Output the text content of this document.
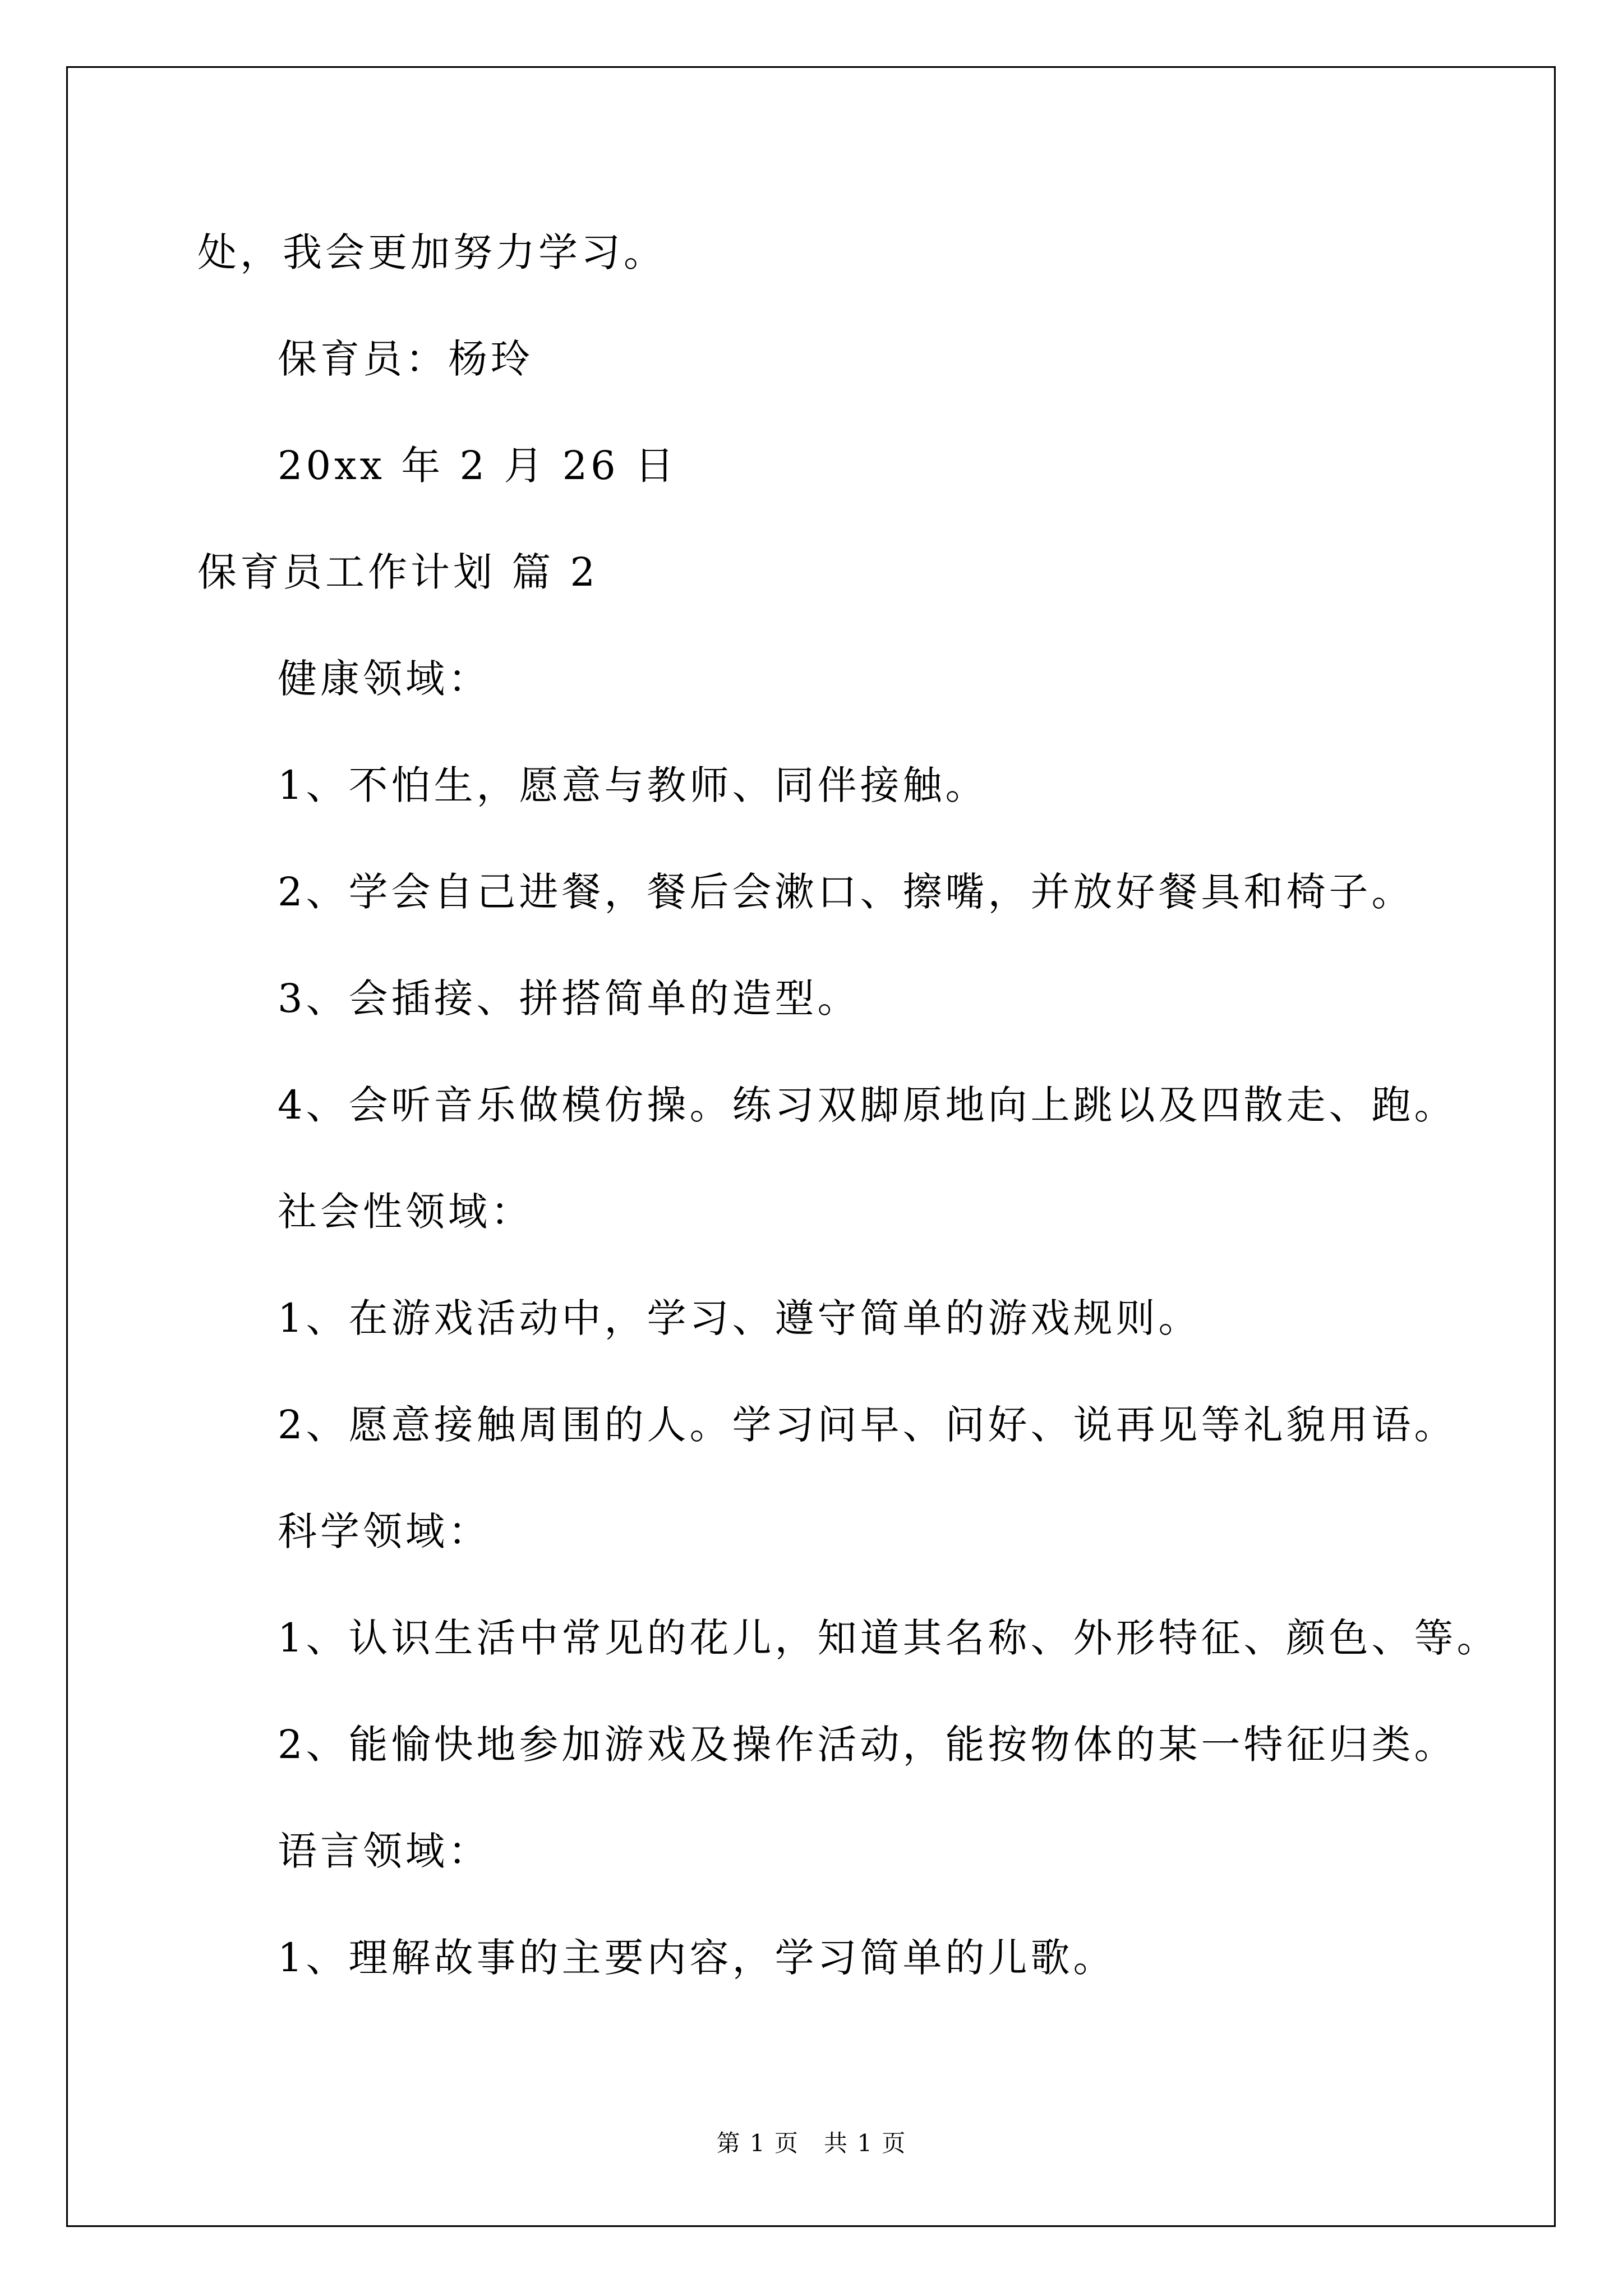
处，我会更加努力学习。
保育员：杨玲
20xx 年 2 月 26 日
保育员工作计划 篇 2
健康领域：
1、不怕生，愿意与教师、同伴接触。
2、学会自己进餐，餐后会漱口、擦嘴，并放好餐具和椅子。
3、会插接、拼搭简单的造型。
4、会听音乐做模仿操。练习双脚原地向上跳以及四散走、跑。
社会性领域：
1、在游戏活动中，学习、遵守简单的游戏规则。
2、愿意接触周围的人。学习问早、问好、说再见等礼貌用语。
科学领域：
1、认识生活中常见的花儿，知道其名称、外形特征、颜色、等。
2、能愉快地参加游戏及操作活动，能按物体的某一特征归类。
语言领域：
1、理解故事的主要内容，学习简单的儿歌。
第 1 页　共 1 页
